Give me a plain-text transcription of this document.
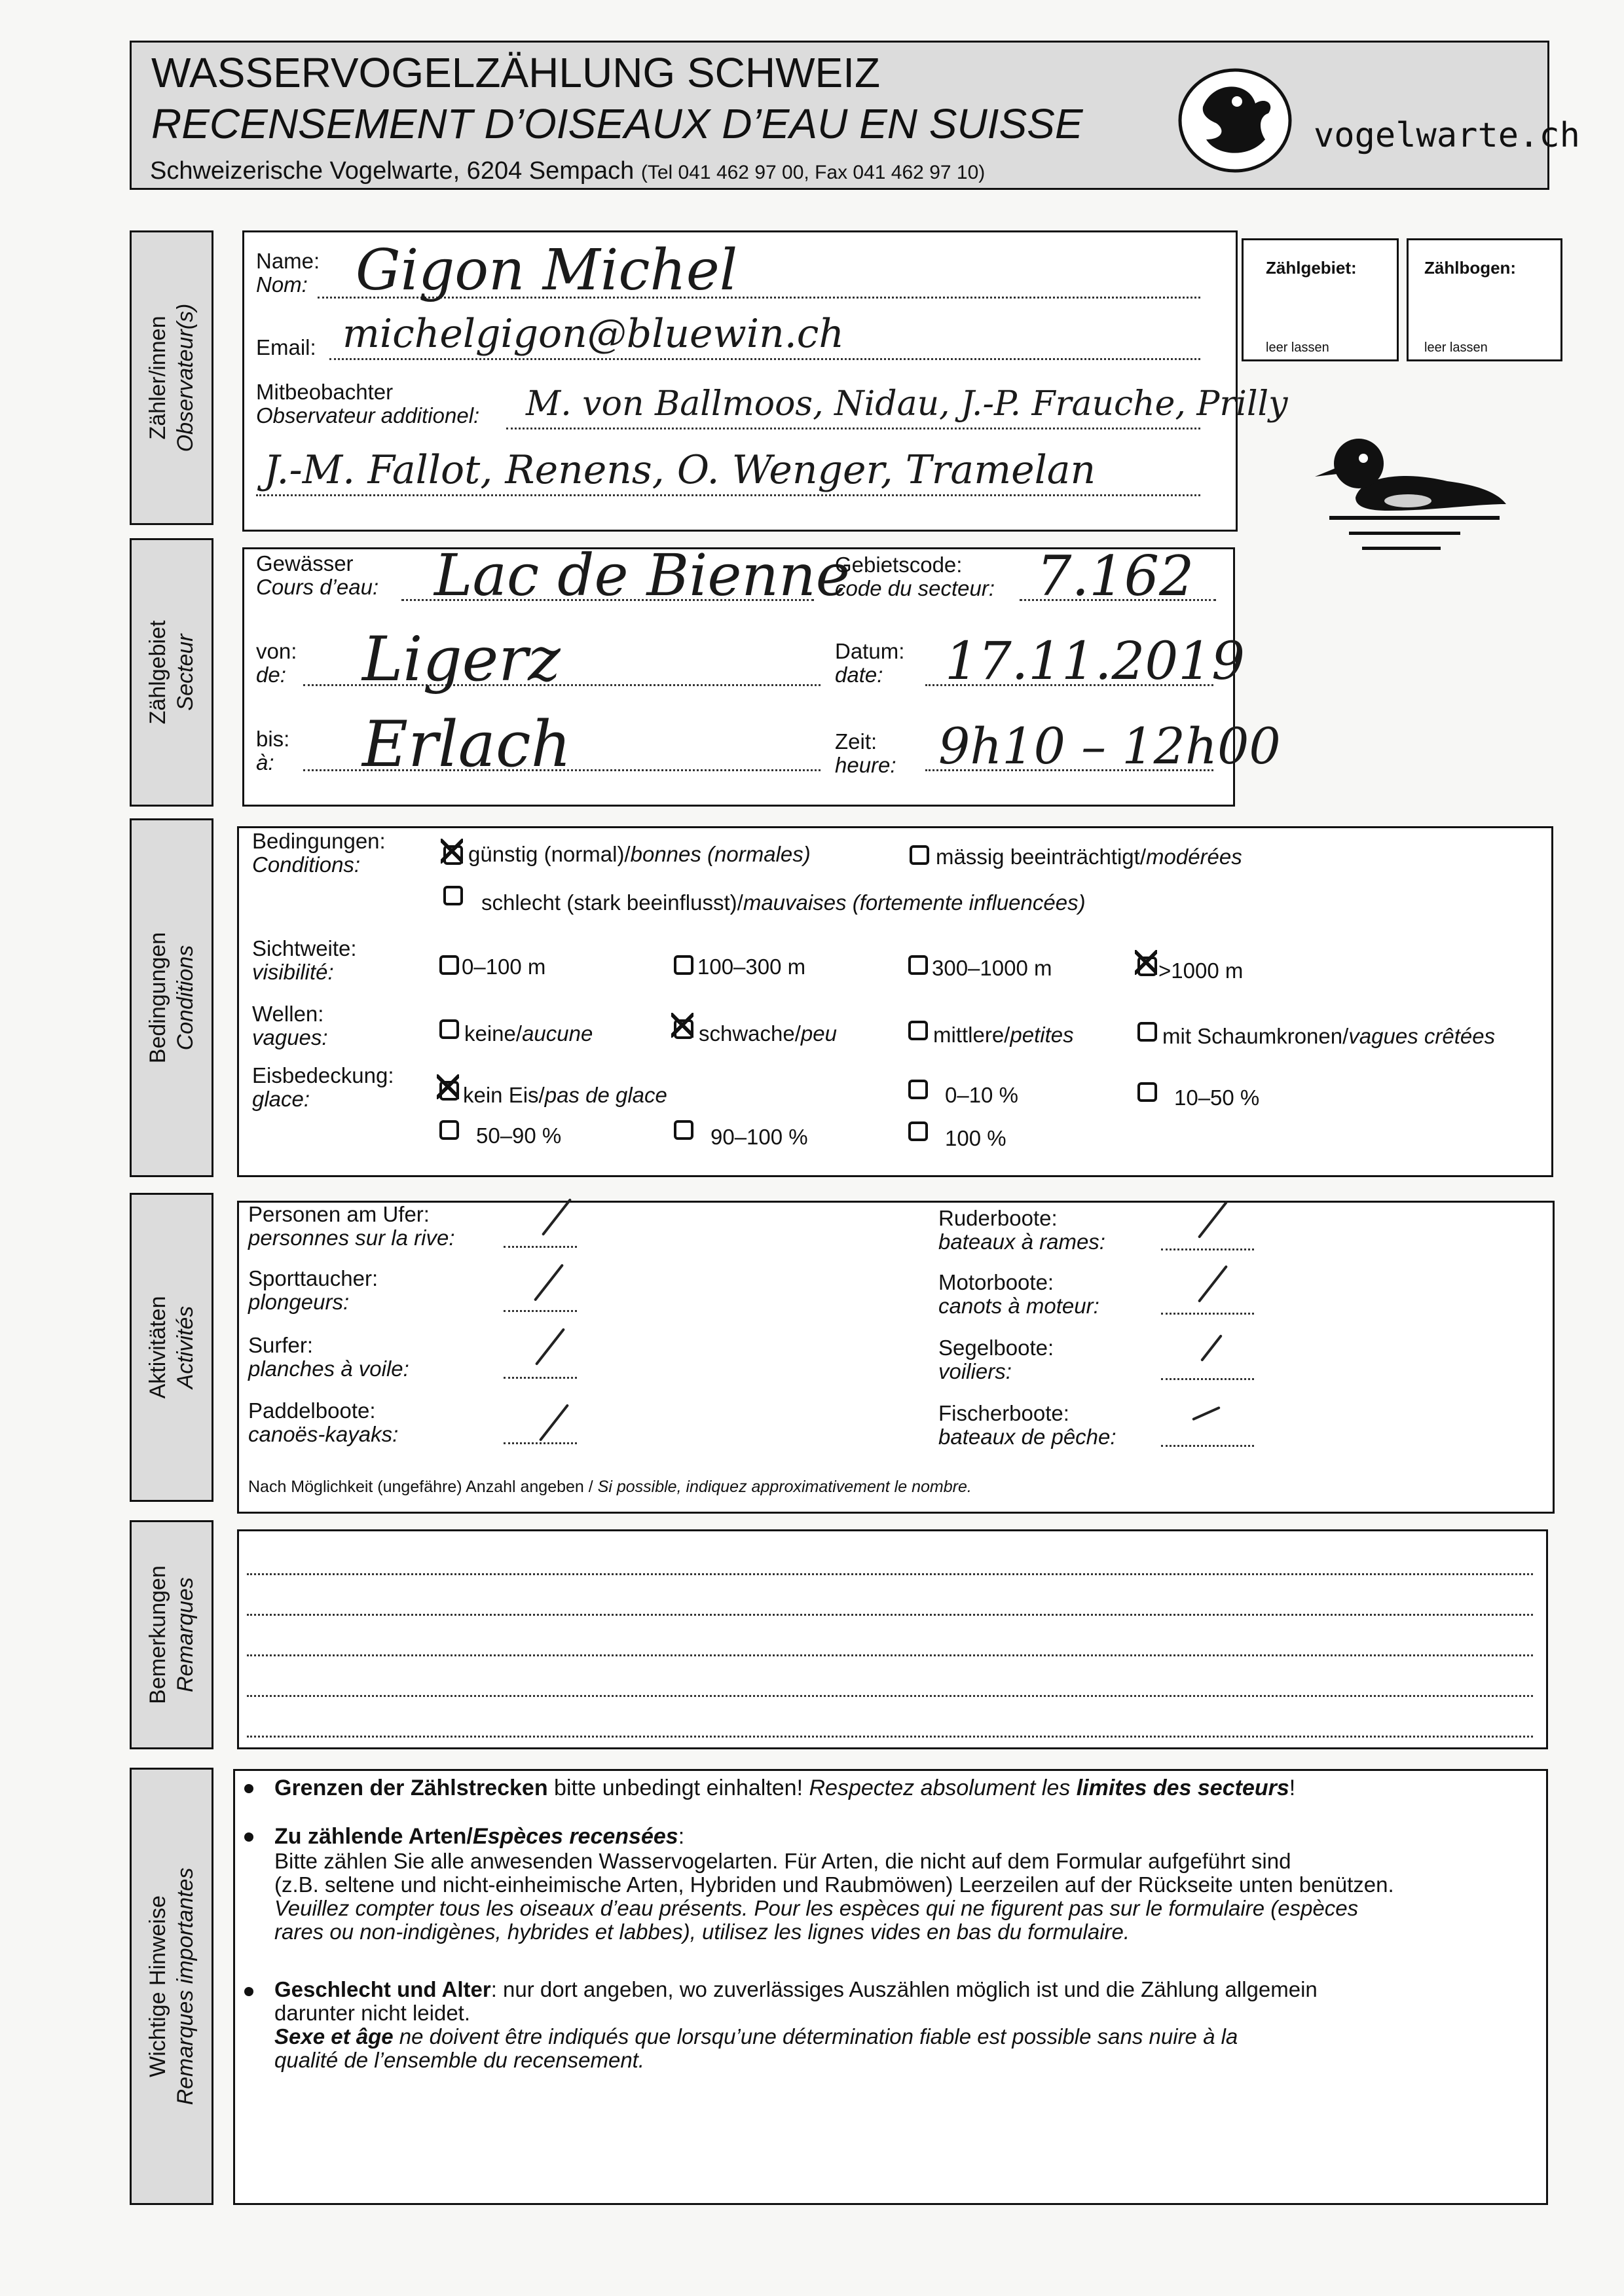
WASSERVOGELZÄHLUNG SCHWEIZ
RECENSEMENT D’OISEAUX D’EAU EN SUISSE
Schweizerische Vogelwarte, 6204 Sempach (Tel 041 462 97 00, Fax 041 462 97 10)
vogelwarte.ch
Zähler/innen Observateur(s)
Zählgebiet Secteur
Bedingungen Conditions
Aktivitäten Activités
Bemerkungen Remarques
Wichtige Hinweise Remarques importantes
Name:
Nom: Gigon Michel
Email: michelgigon@bluewin.ch
Mitbeobachter
Observateur additionel: M. von Ballmoos, Nidau, J.-P. Frauche, Prilly
J.-M. Fallot, Renens, O. Wenger, Tramelan
Zählgebiet:
leer lassen
Zählbogen:
leer lassen
Gewässer
Cours d’eau: Lac de Bienne
Gebietscode:
code du secteur: 7.162
von:
de: Ligerz	Datum:
date:	17.11.2019
bis:
à: Erlach	Zeit:
heure: 9h10 – 12h00
Bedingungen:
Conditions:	günstig (normal)/bonnes (normales)	mässig beeinträchtigt/modérées
schlecht (stark beeinflusst)/mauvaises (fortemente influencées)
Sichtweite:
visibilité:	0–100 m	100–300 m	300–1000 m	>1000 m
Wellen:
vagues:	keine/aucune	schwache/peu	mittlere/petites	mit Schaumkronen/vagues crêtées
Eisbedeckung:
glace:	kein Eis/pas de glace	0–10 %	10–50 %
50–90 %	90–100 %	100 %
Personen am Ufer:
personnes sur la rive:
Sporttaucher:
plongeurs:
Surfer:
planches à voile:
Paddelboote:
canoës-kayaks:
Ruderboote:
bateaux à rames:
Motorboote:
canots à moteur:
Segelboote:
voiliers:
Fischerboote:
bateaux de pêche:
Nach Möglichkeit (ungefähre) Anzahl angeben / Si possible, indiquez approximativement le nombre.
Grenzen der Zählstrecken bitte unbedingt einhalten! Respectez absolument les limites des secteurs!
Zu zählende Arten/Espèces recensées:
Bitte zählen Sie alle anwesenden Wasservogelarten. Für Arten, die nicht auf dem Formular aufgeführt sind
(z.B. seltene und nicht-einheimische Arten, Hybriden und Raubmöwen) Leerzeilen auf der Rückseite unten benützen.
Veuillez compter tous les oiseaux d’eau présents. Pour les espèces qui ne figurent pas sur le formulaire (espèces
rares ou non-indigènes, hybrides et labbes), utilisez les lignes vides en bas du formulaire.
Geschlecht und Alter: nur dort angeben, wo zuverlässiges Auszählen möglich ist und die Zählung allgemein
darunter nicht leidet.
Sexe et âge ne doivent être indiqués que lorsqu’une détermination fiable est possible sans nuire à la
qualité de l’ensemble du recensement.
